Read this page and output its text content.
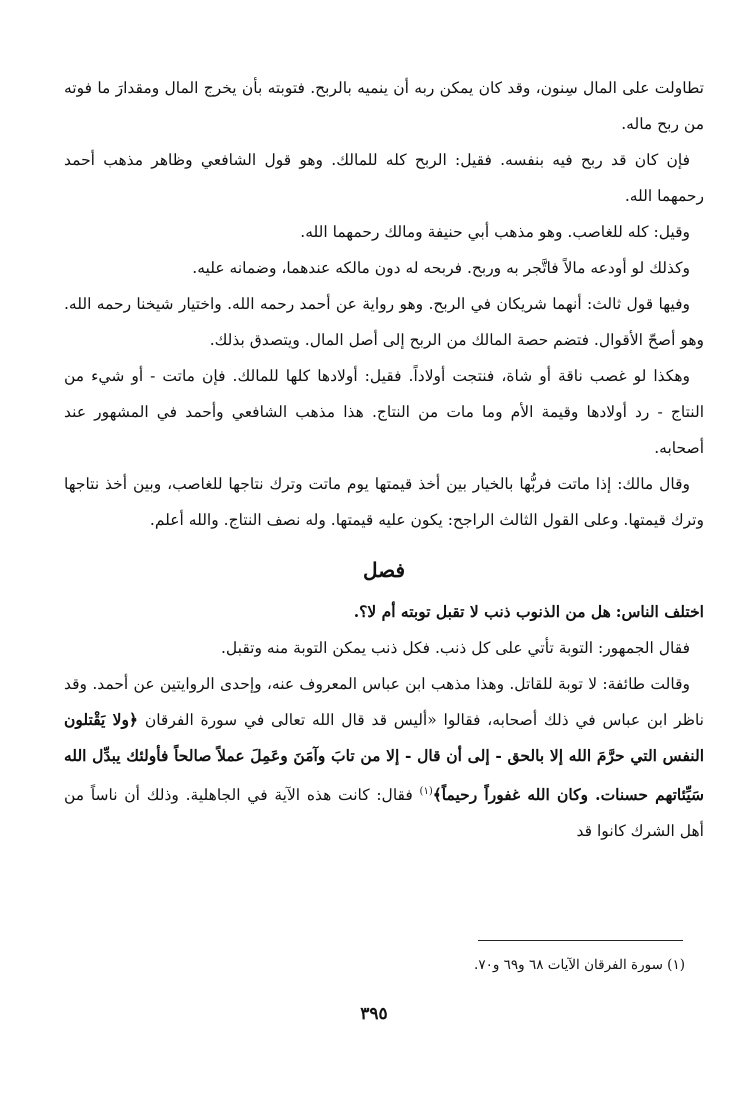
تطاولت على المال سِنون، وقد كان يمكن ربه أن ينميه بالربح. فتوبته بأن يخرج المال ومقدارَ ما فوته من ربح ماله.

فإن كان قد ربح فيه بنفسه. فقيل: الربح كله للمالك. وهو قول الشافعي وظاهر مذهب أحمد رحمهما الله.

وقيل: كله للغاصب. وهو مذهب أبي حنيفة ومالك رحمهما الله.

وكذلك لو أودعه مالاً فاتَّجر به وربح. فربحه له دون مالكه عندهما، وضمانه عليه.

وفيها قول ثالث: أنهما شريكان في الربح. وهو رواية عن أحمد رحمه الله. واختيار شيخنا رحمه الله. وهو أصحّ الأقوال. فتضم حصة المالك من الربح إلى أصل المال. ويتصدق بذلك.

وهكذا لو غصب ناقة أو شاة، فنتجت أولاداً. فقيل: أولادها كلها للمالك. فإن ماتت - أو شيء من النتاج - رد أولادها وقيمة الأم وما مات من النتاج. هذا مذهب الشافعي وأحمد في المشهور عند أصحابه.

وقال مالك: إذا ماتت فربُّها بالخيار بين أخذ قيمتها يوم ماتت وترك نتاجها للغاصب، وبين أخذ نتاجها وترك قيمتها. وعلى القول الثالث الراجح: يكون عليه قيمتها. وله نصف النتاج. والله أعلم.

فصل

اختلف الناس: هل من الذنوب ذنب لا تقبل توبته أم لا؟.

فقال الجمهور: التوبة تأتي على كل ذنب. فكل ذنب يمكن التوبة منه وتقبل.

وقالت طائفة: لا توبة للقاتل. وهذا مذهب ابن عباس المعروف عنه، وإحدى الروايتين عن أحمد. وقد ناظر ابن عباس في ذلك أصحابه، فقالوا «أليس قد قال الله تعالى في سورة الفرقان ﴿ولا يَقْتلون النفس التي حرَّمَ الله إلا بالحق - إلى أن قال - إلا من تابَ وآمَنَ وعَمِلَ عملاً صالحاً فأولئك يبدِّل الله سَيِّئاتهم حسنات. وكان الله غفوراً رحيماً﴾$^{(١)}$ فقال: كانت هذه الآية في الجاهلية. وذلك أن ناساً من أهل الشرك كانوا قد

(١) سورة الفرقان الآيات ٦٨ و٦٩ و٧٠.
٣٩٥
